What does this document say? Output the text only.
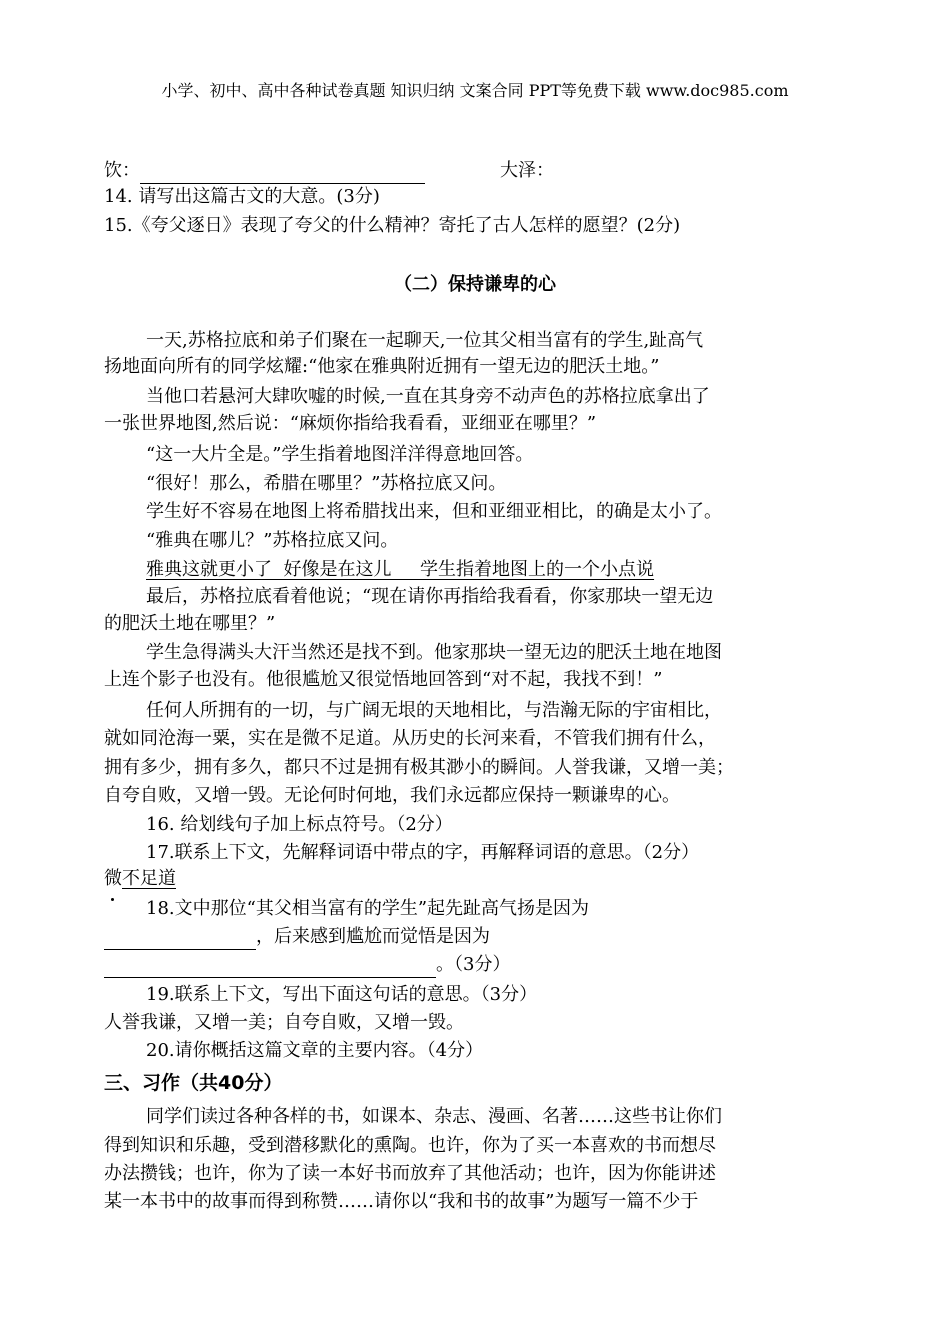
小学、初中、高中各种试卷真题 知识归纳 文案合同 PPT等免费下载 www.doc985.com
饮：	大泽：
14. 请写出这篇古文的大意。(3分)
15.《夸父逐日》表现了夸父的什么精神？寄托了古人怎样的愿望？(2分)
（二）保持谦卑的心
一天,苏格拉底和弟子们聚在一起聊天,一位其父相当富有的学生,趾高气
扬地面向所有的同学炫耀:“他家在雅典附近拥有一望无边的肥沃土地。”
当他口若悬河大肆吹嘘的时候,一直在其身旁不动声色的苏格拉底拿出了
一张世界地图,然后说：“麻烦你指给我看看，亚细亚在哪里？”
“这一大片全是。”学生指着地图洋洋得意地回答。
“很好！那么，希腊在哪里？”苏格拉底又问。
学生好不容易在地图上将希腊找出来，但和亚细亚相比，的确是太小了。
“雅典在哪儿？”苏格拉底又问。
雅典这就更小了  好像是在这儿     学生指着地图上的一个小点说
最后，苏格拉底看着他说；“现在请你再指给我看看，你家那块一望无边
的肥沃土地在哪里？”
学生急得满头大汗当然还是找不到。他家那块一望无边的肥沃土地在地图
上连个影子也没有。他很尴尬又很觉悟地回答到“对不起，我找不到！”
任何人所拥有的一切，与广阔无垠的天地相比，与浩瀚无际的宇宙相比，
就如同沧海一粟，实在是微不足道。从历史的长河来看，不管我们拥有什么，
拥有多少，拥有多久，都只不过是拥有极其渺小的瞬间。人誉我谦，又增一美；
自夸自败，又增一毁。无论何时何地，我们永远都应保持一颗谦卑的心。
16. 给划线句子加上标点符号。（2分）
17.联系上下文，先解释词语中带点的字，再解释词语的意思。（2分）
微不足道
18.文中那位“其父相当富有的学生”起先趾高气扬是因为
，后来感到尴尬而觉悟是因为
。（3分）
19.联系上下文，写出下面这句话的意思。（3分）
人誉我谦，又增一美；自夸自败，又增一毁。
20.请你概括这篇文章的主要内容。（4分）
三、习作（共40分）
同学们读过各种各样的书，如课本、杂志、漫画、名著……这些书让你们
得到知识和乐趣，受到潜移默化的熏陶。也许，你为了买一本喜欢的书而想尽
办法攒钱；也许，你为了读一本好书而放弃了其他活动；也许，因为你能讲述
某一本书中的故事而得到称赞……请你以“我和书的故事”为题写一篇不少于
